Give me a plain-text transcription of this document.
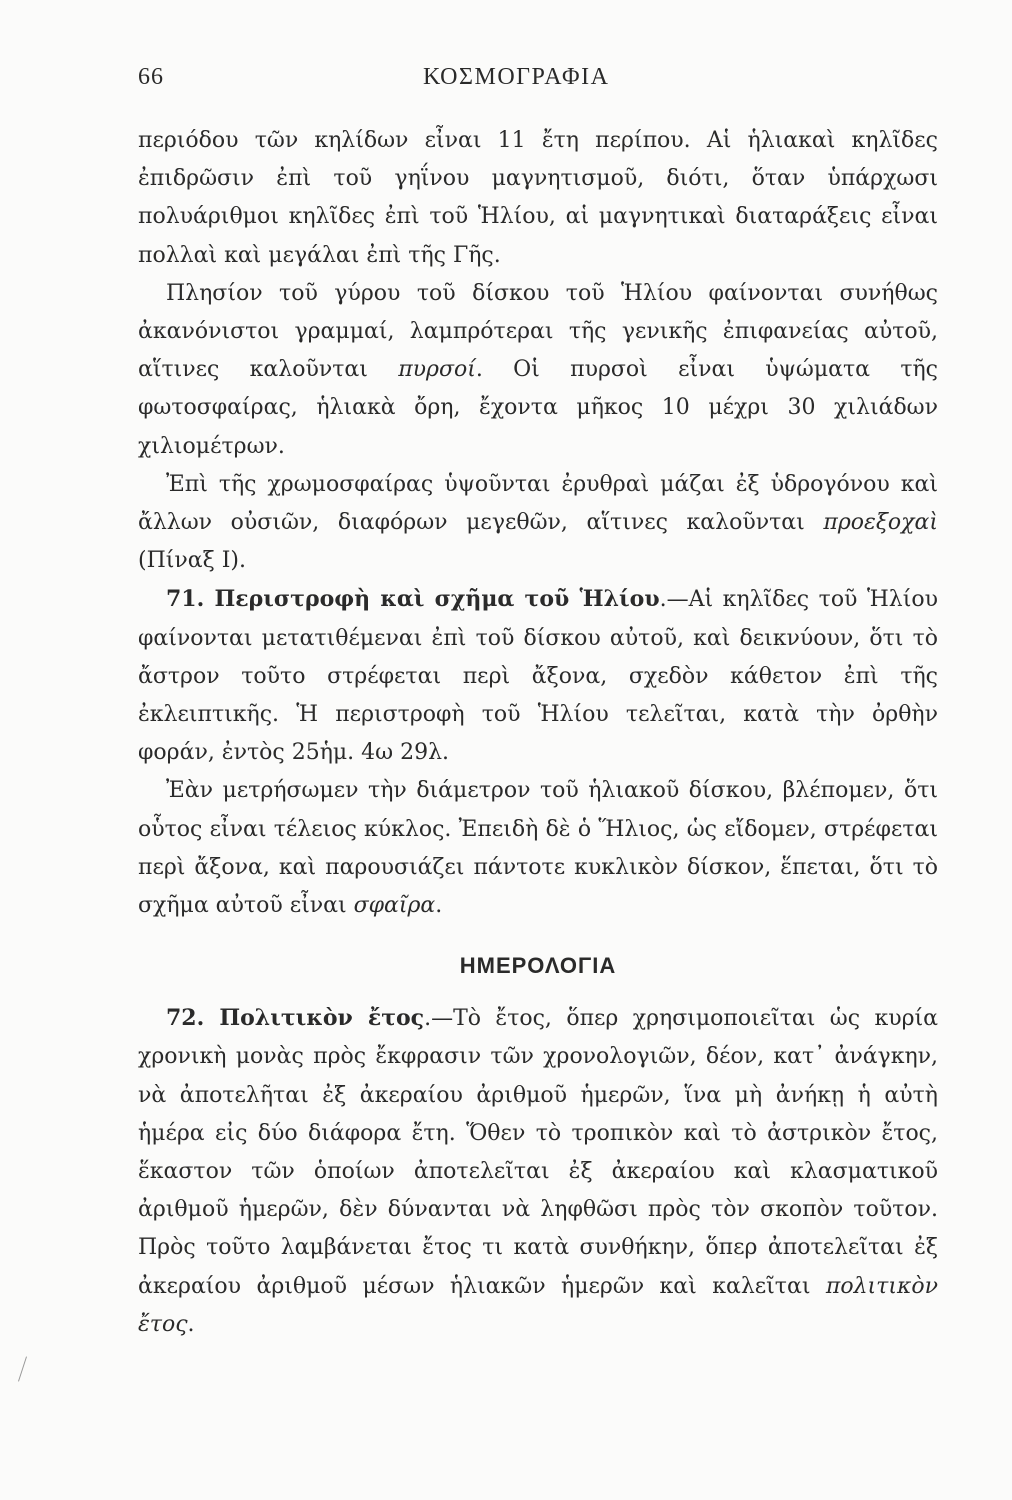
66	ΚΟΣΜΟΓΡΑΦΙΑ

περιόδου τῶν κηλίδων εἶναι 11 ἔτη περίπου. Αἱ ἡλιακαὶ κηλῖδες ἐπιδρῶσιν ἐπὶ τοῦ γηΐνου μαγνητισμοῦ, διότι, ὅταν ὑπάρχωσι πολυάριθμοι κηλῖδες ἐπὶ τοῦ Ἡλίου, αἱ μαγνητικαὶ διαταράξεις εἶναι πολλαὶ καὶ μεγάλαι ἐπὶ τῆς Γῆς.

Πλησίον τοῦ γύρου τοῦ δίσκου τοῦ Ἡλίου φαίνονται συνήθως ἀκανόνιστοι γραμμαί, λαμπρότεραι τῆς γενικῆς ἐπιφανείας αὐτοῦ, αἵτινες καλοῦνται πυρσοί. Οἱ πυρσοὶ εἶναι ὑψώματα τῆς φωτοσφαίρας, ἡλιακὰ ὄρη, ἔχοντα μῆκος 10 μέχρι 30 χιλιάδων χιλιομέτρων.

Ἐπὶ τῆς χρωμοσφαίρας ὑψοῦνται ἐρυθραὶ μάζαι ἐξ ὑδρογόνου καὶ ἄλλων οὐσιῶν, διαφόρων μεγεθῶν, αἵτινες καλοῦνται προεξοχαὶ (Πίναξ Ι).

71. Περιστροφὴ καὶ σχῆμα τοῦ Ἡλίου.—Αἱ κηλῖδες τοῦ Ἡλίου φαίνονται μετατιθέμεναι ἐπὶ τοῦ δίσκου αὐτοῦ, καὶ δεικνύουν, ὅτι τὸ ἄστρον τοῦτο στρέφεται περὶ ἄξονα, σχεδὸν κάθετον ἐπὶ τῆς ἐκλειπτικῆς. Ἡ περιστροφὴ τοῦ Ἡλίου τελεῖται, κατὰ τὴν ὀρθὴν φοράν, ἐντὸς 25ἡμ. 4ω 29λ.

Ἐὰν μετρήσωμεν τὴν διάμετρον τοῦ ἡλιακοῦ δίσκου, βλέπομεν, ὅτι οὗτος εἶναι τέλειος κύκλος. Ἐπειδὴ δὲ ὁ Ἥλιος, ὡς εἴδομεν, στρέφεται περὶ ἄξονα, καὶ παρουσιάζει πάντοτε κυκλικὸν δίσκον, ἕπεται, ὅτι τὸ σχῆμα αὐτοῦ εἶναι σφαῖρα.

ΗΜΕΡΟΛΟΓΙΑ

72. Πολιτικὸν ἔτος.—Τὸ ἔτος, ὅπερ χρησιμοποιεῖται ὡς κυρία χρονικὴ μονὰς πρὸς ἔκφρασιν τῶν χρονολογιῶν, δέον, κατ᾽ ἀνάγκην, νὰ ἀποτελῆται ἐξ ἀκεραίου ἀριθμοῦ ἡμερῶν, ἵνα μὴ ἀνήκῃ ἡ αὐτὴ ἡμέρα εἰς δύο διάφορα ἔτη. Ὅθεν τὸ τροπικὸν καὶ τὸ ἀστρικὸν ἔτος, ἕκαστον τῶν ὁποίων ἀποτελεῖται ἐξ ἀκεραίου καὶ κλασματικοῦ ἀριθμοῦ ἡμερῶν, δὲν δύνανται νὰ ληφθῶσι πρὸς τὸν σκοπὸν τοῦτον. Πρὸς τοῦτο λαμβάνεται ἔτος τι κατὰ συνθήκην, ὅπερ ἀποτελεῖται ἐξ ἀκεραίου ἀριθμοῦ μέσων ἡλιακῶν ἡμερῶν καὶ καλεῖται πολιτικὸν ἔτος.
